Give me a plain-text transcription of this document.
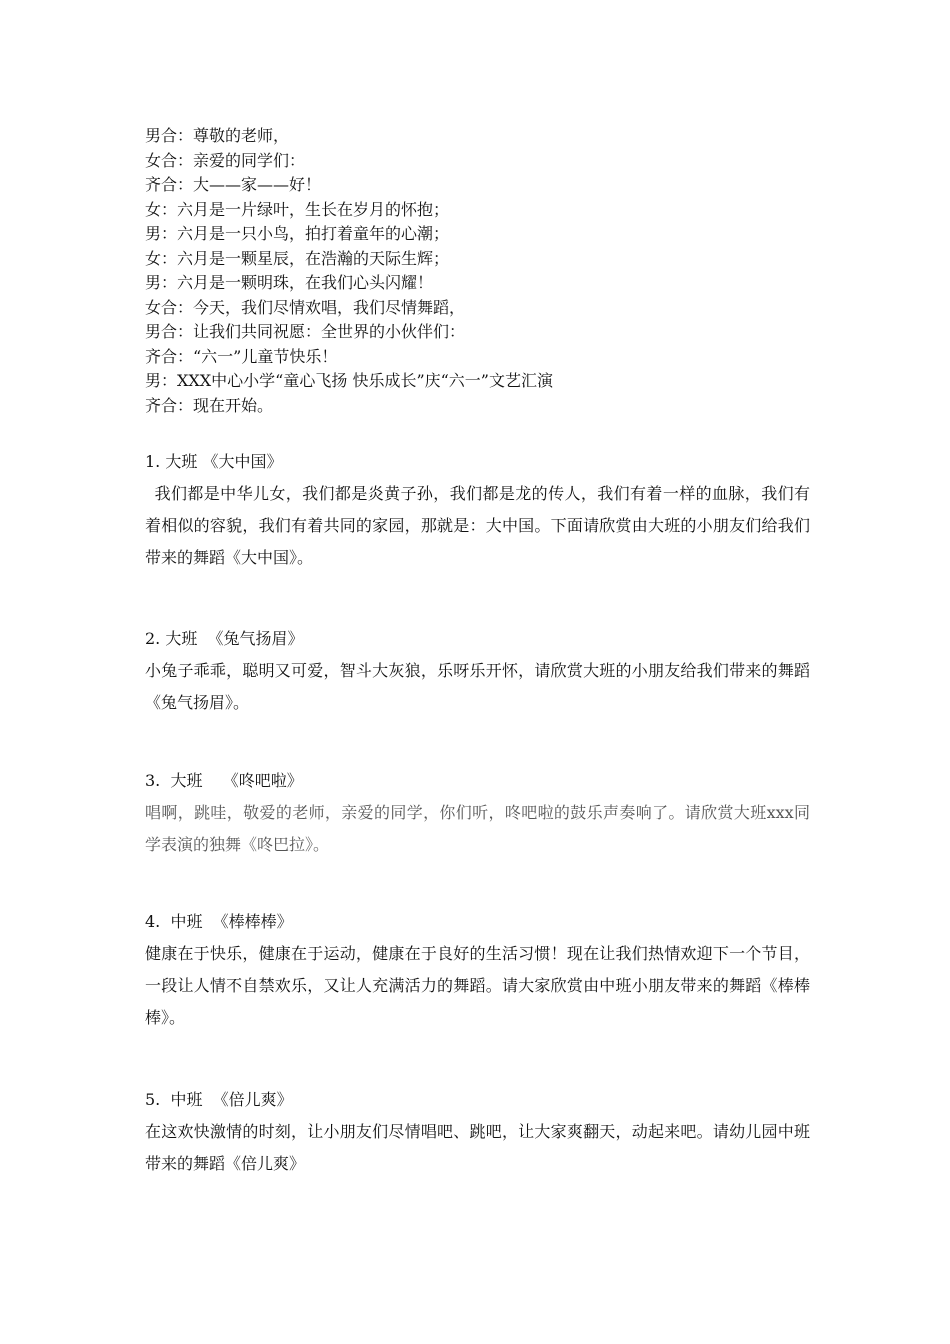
男合：尊敬的老师，
女合：亲爱的同学们：
齐合：大——家——好！
女：六月是一片绿叶，生长在岁月的怀抱；
男：六月是一只小鸟，拍打着童年的心潮；
女：六月是一颗星辰，在浩瀚的天际生辉；
男：六月是一颗明珠，在我们心头闪耀！
女合：今天，我们尽情欢唱，我们尽情舞蹈，
男合：让我们共同祝愿：全世界的小伙伴们：
齐合：“六一”儿童节快乐！
男：XXX中心小学“童心飞扬 快乐成长”庆“六一”文艺汇演
齐合：现在开始。
1. 大班 《大中国》
我们都是中华儿女，我们都是炎黄子孙，我们都是龙的传人，我们有着一样的血脉，我们有着相似的容貌，我们有着共同的家园，那就是：大中国。下面请欣赏由大班的小朋友们给我们带来的舞蹈《大中国》。
2. 大班  《兔气扬眉》
小兔子乖乖，聪明又可爱，智斗大灰狼，乐呀乐开怀，请欣赏大班的小朋友给我们带来的舞蹈《兔气扬眉》。
3.  大班    《咚吧啦》
唱啊，跳哇，敬爱的老师，亲爱的同学，你们听，咚吧啦的鼓乐声奏响了。请欣赏大班xxx同学表演的独舞《咚巴拉》。
4.  中班  《棒棒棒》
健康在于快乐，健康在于运动，健康在于良好的生活习惯！现在让我们热情欢迎下一个节目，一段让人情不自禁欢乐，又让人充满活力的舞蹈。请大家欣赏由中班小朋友带来的舞蹈《棒棒棒》。
5.  中班  《倍儿爽》
在这欢快激情的时刻，让小朋友们尽情唱吧、跳吧，让大家爽翻天，动起来吧。请幼儿园中班带来的舞蹈《倍儿爽》
